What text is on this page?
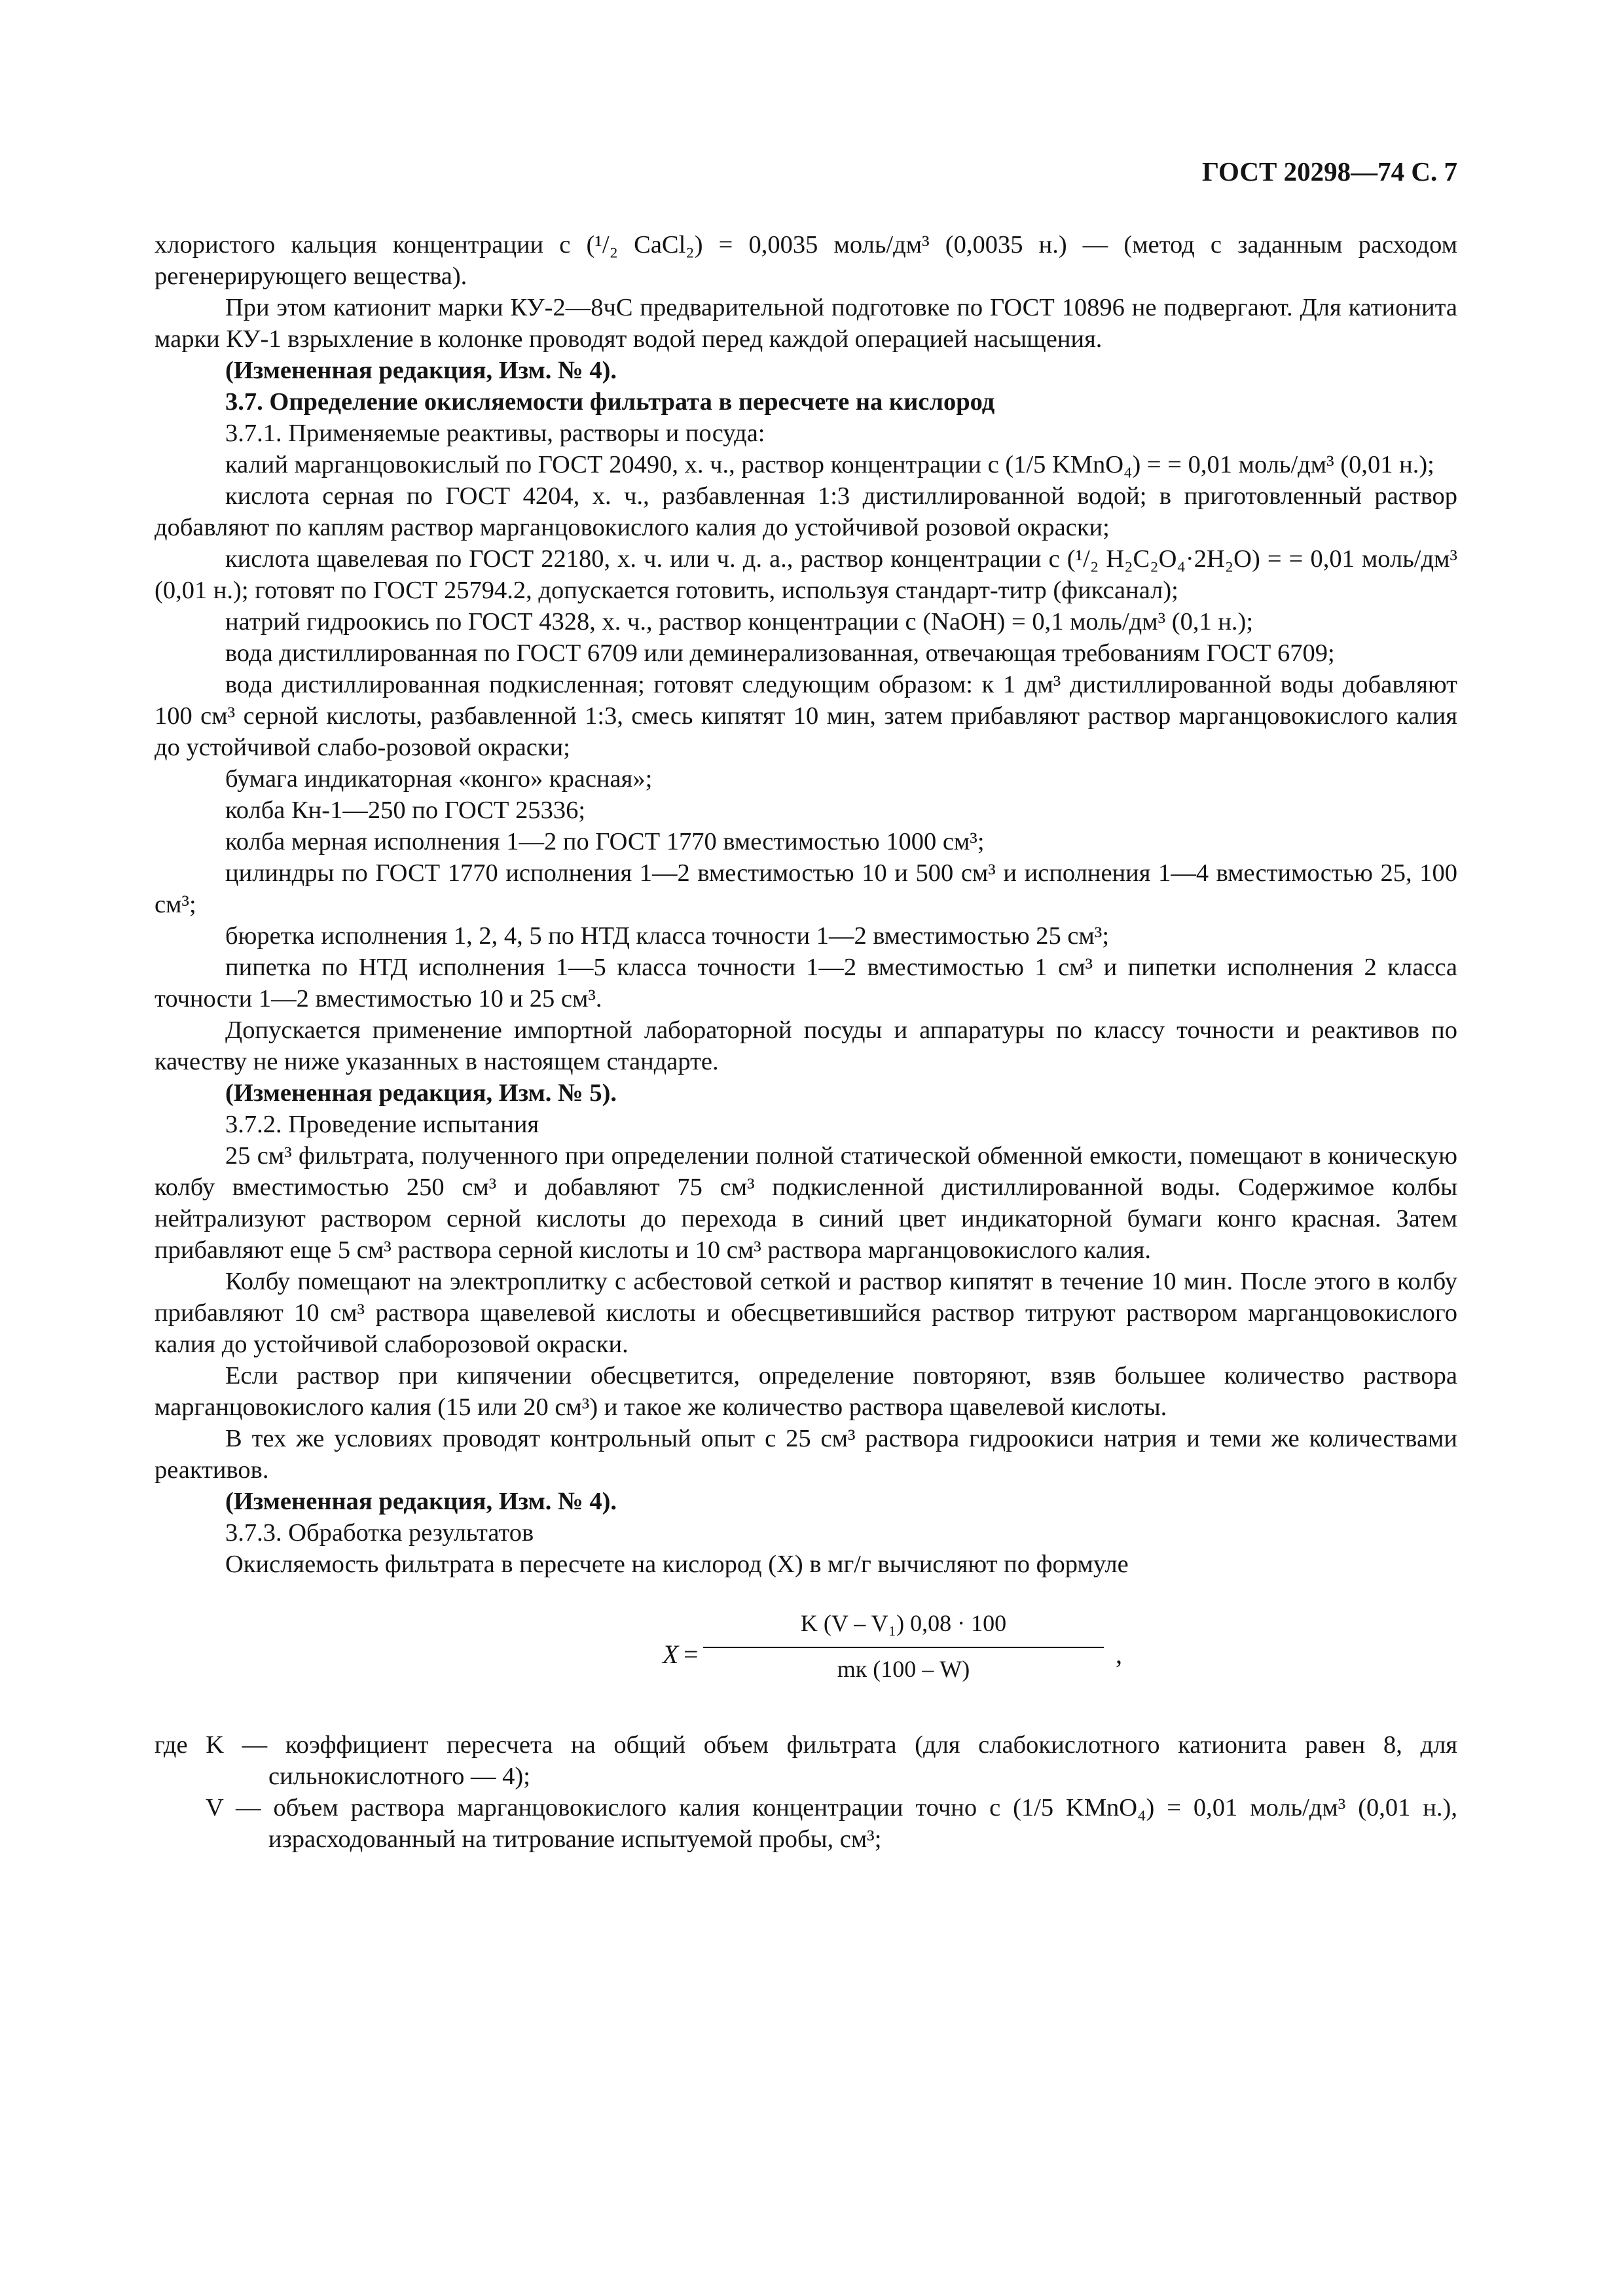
ГОСТ 20298—74 С. 7

хлористого кальция концентрации c (¹/₂ CaCl₂) = 0,0035 моль/дм³ (0,0035 н.) — (метод с заданным расходом регенерирующего вещества).

При этом катионит марки КУ-2—8чС предварительной подготовке по ГОСТ 10896 не подвергают. Для катионита марки КУ-1 взрыхление в колонке проводят водой перед каждой операцией насыщения.

(Измененная редакция, Изм. № 4).

3.7. Определение окисляемости фильтрата в пересчете на кислород

3.7.1. Применяемые реактивы, растворы и посуда:

калий марганцовокислый по ГОСТ 20490, х. ч., раствор концентрации c (1/5 KMnO₄) = = 0,01 моль/дм³ (0,01 н.);

кислота серная по ГОСТ 4204, х. ч., разбавленная 1:3 дистиллированной водой; в приготовленный раствор добавляют по каплям раствор марганцовокислого калия до устойчивой розовой окраски;

кислота щавелевая по ГОСТ 22180, х. ч. или ч. д. а., раствор концентрации c (¹/₂ H₂C₂O₄·2H₂O) = = 0,01 моль/дм³ (0,01 н.); готовят по ГОСТ 25794.2, допускается готовить, используя стандарт-титр (фиксанал);

натрий гидроокись по ГОСТ 4328, х. ч., раствор концентрации c (NaOH) = 0,1 моль/дм³ (0,1 н.);

вода дистиллированная по ГОСТ 6709 или деминерализованная, отвечающая требованиям ГОСТ 6709;

вода дистиллированная подкисленная; готовят следующим образом: к 1 дм³ дистиллированной воды добавляют 100 см³ серной кислоты, разбавленной 1:3, смесь кипятят 10 мин, затем прибавляют раствор марганцовокислого калия до устойчивой слабо-розовой окраски;

бумага индикаторная «конго» красная»;

колба Кн-1—250 по ГОСТ 25336;

колба мерная исполнения 1—2 по ГОСТ 1770 вместимостью 1000 см³;

цилиндры по ГОСТ 1770 исполнения 1—2 вместимостью 10 и 500 см³ и исполнения 1—4 вместимостью 25, 100 см³;

бюретка исполнения 1, 2, 4, 5 по НТД класса точности 1—2 вместимостью 25 см³;

пипетка по НТД исполнения 1—5 класса точности 1—2 вместимостью 1 см³ и пипетки исполнения 2 класса точности 1—2 вместимостью 10 и 25 см³.

Допускается применение импортной лабораторной посуды и аппаратуры по классу точности и реактивов по качеству не ниже указанных в настоящем стандарте.

(Измененная редакция, Изм. № 5).

3.7.2. Проведение испытания

25 см³ фильтрата, полученного при определении полной статической обменной емкости, помещают в коническую колбу вместимостью 250 см³ и добавляют 75 см³ подкисленной дистиллированной воды. Содержимое колбы нейтрализуют раствором серной кислоты до перехода в синий цвет индикаторной бумаги конго красная. Затем прибавляют еще 5 см³ раствора серной кислоты и 10 см³ раствора марганцовокислого калия.

Колбу помещают на электроплитку с асбестовой сеткой и раствор кипятят в течение 10 мин. После этого в колбу прибавляют 10 см³ раствора щавелевой кислоты и обесцветившийся раствор титруют раствором марганцовокислого калия до устойчивой слаборозовой окраски.

Если раствор при кипячении обесцветится, определение повторяют, взяв большее количество раствора марганцовокислого калия (15 или 20 см³) и такое же количество раствора щавелевой кислоты.

В тех же условиях проводят контрольный опыт с 25 см³ раствора гидроокиси натрия и теми же количествами реактивов.

(Измененная редакция, Изм. № 4).

3.7.3. Обработка результатов

Окисляемость фильтрата в пересчете на кислород (X) в мг/г вычисляют по формуле

X =
K (V – V₁) 0,08 · 100
mк (100 – W)	,

где K — коэффициент пересчета на общий объем фильтрата (для слабокислотного катионита равен 8, для сильнокислотного — 4);

V — объем раствора марганцовокислого калия концентрации точно c (1/5 KMnO₄) = 0,01 моль/дм³ (0,01 н.), израсходованный на титрование испытуемой пробы, см³;
